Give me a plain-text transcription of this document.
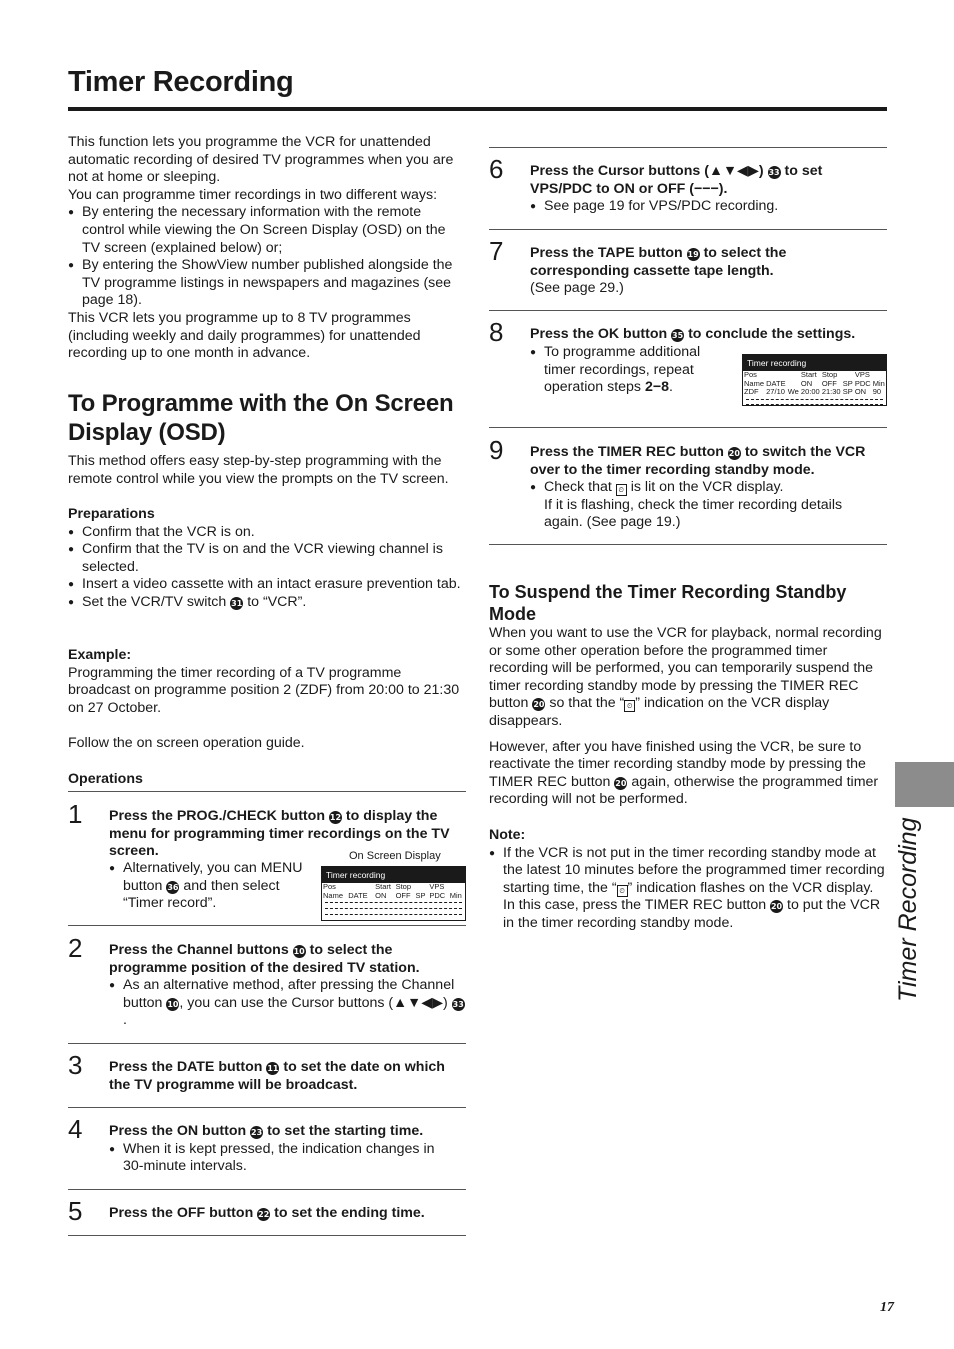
Timer Recording

This function lets you programme the VCR for unattended automatic recording of desired TV programmes when you are not at home or sleeping.

You can programme timer recordings in two different ways:

● By entering the necessary information with the remote control while viewing the On Screen Display (OSD) on the TV screen (explained below) or;

● By entering the ShowView number published alongside the TV programme listings in newspapers and magazines (see page 18).

This VCR lets you programme up to 8 TV programmes (including weekly and daily programmes) for unattended recording up to one month in advance.

To Programme with the On Screen Display (OSD)
This method offers easy step-by-step programming with the remote control while you view the prompts on the TV screen.

Preparations

● Confirm that the VCR is on.

● Confirm that the TV is on and the VCR viewing channel is selected.

● Insert a video cassette with an intact erasure prevention tab.

● Set the VCR/TV switch 31 to “VCR”.

Example:

Programming the timer recording of a TV programme broadcast on programme position 2 (ZDF) from 20:00 to 21:30 on 27 October.

Follow the on screen operation guide.
Operations
1 Press the PROG./CHECK button 12 to display the menu for programming timer recordings on the TV screen.

● Alternatively, you can MENU button 36 and then select “Timer record”.

On Screen Display
Timer recording
Pos			Start	Stop		VPS	
Name	DATE		ON	OFF	SP	PDC	Min
2 Press the Channel buttons 10 to select the programme position of the desired TV station.

● As an alternative method, after pressing the Channel button 10, you can use the Cursor buttons (▲▼◀▶) 33.

3 Press the DATE button 11 to set the date on which the TV programme will be broadcast.

4 Press the ON button 23 to set the starting time.

● When it is kept pressed, the indication changes in 30-minute intervals.

5 Press the OFF button 22 to set the ending time.

6 Press the Cursor buttons (▲▼◀▶) 33 to set VPS/PDC to ON or OFF (−−−).

● See page 19 for VPS/PDC recording.

7 Press the TAPE button 19 to select the corresponding cassette tape length.

(See page 29.)

8 Press the OK button 35 to conclude the settings.

● To programme additional timer recordings, repeat operation steps 2−8.

Timer recording
Pos			Start	Stop		VPS	
Name	DATE		ON	OFF	SP	PDC	Min
ZDF	27/10	We	20:00	21:30	SP	ON	90
9 Press the TIMER REC button 20 to switch the VCR over to the timer recording standby mode.

● Check that ⏲ is lit on the VCR display.

If it is flashing, check the timer recording details again. (See page 19.)

To Suspend the Timer Recording Standby Mode

When you want to use the VCR for playback, normal recording or some other operation before the programmed timer recording will be performed, you can temporarily suspend the timer recording standby mode by pressing the TIMER REC button 20 so that the “ ⏲ ” indication on the VCR display disappears.

However, after you have finished using the VCR, be sure to reactivate the timer recording standby mode by pressing the TIMER REC button 20 again, otherwise the programmed timer recording will not be performed.

Note:

● If the VCR is not put in the timer recording standby mode at the latest 10 minutes before the programmed timer recording starting time, the “ ⏲ ” indication flashes on the VCR display. In this case, press the TIMER REC button 20 to put the VCR in the timer recording standby mode.	Timer Recording
17
